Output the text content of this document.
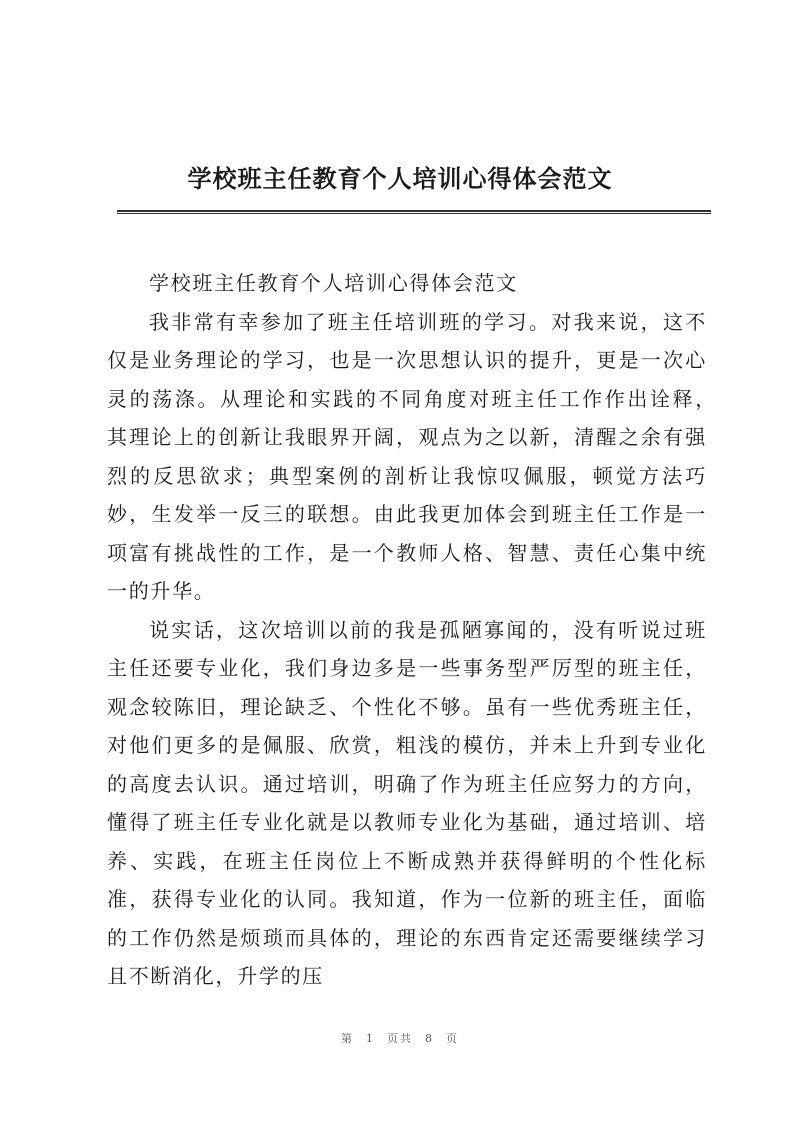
学校班主任教育个人培训心得体会范文

学校班主任教育个人培训心得体会范文

我非常有幸参加了班主任培训班的学习。对我来说，这不仅是业务理论的学习，也是一次思想认识的提升，更是一次心灵的荡涤。从理论和实践的不同角度对班主任工作作出诠释，　其理论上的创新让我眼界开阔，观点为之以新，清醒之余有强烈的反思欲求；典型案例的剖析让我惊叹佩服，顿觉方法巧妙，生发举一反三的联想。由此我更加体会到班主任工作是一项富有挑战性的工作，是一个教师人格、智慧、责任心集中统一的升华。

说实话，这次培训以前的我是孤陋寡闻的，没有听说过班主任还要专业化，我们身边多是一些事务型严厉型的班主任，观念较陈旧，理论缺乏、个性化不够。虽有一些优秀班主任，对他们更多的是佩服、欣赏，粗浅的模仿，并未上升到专业化的高度去认识。通过培训，明确了作为班主任应努力的方向，懂得了班主任专业化就是以教师专业化为基础，通过培训、培养、实践，在班主任岗位上不断成熟并获得鲜明的个性化标准，获得专业化的认同。我知道，作为一位新的班主任，面临的工作仍然是烦琐而具体的，理论的东西肯定还需要继续学习且不断消化，升学的压

第 1 页共 8 页
